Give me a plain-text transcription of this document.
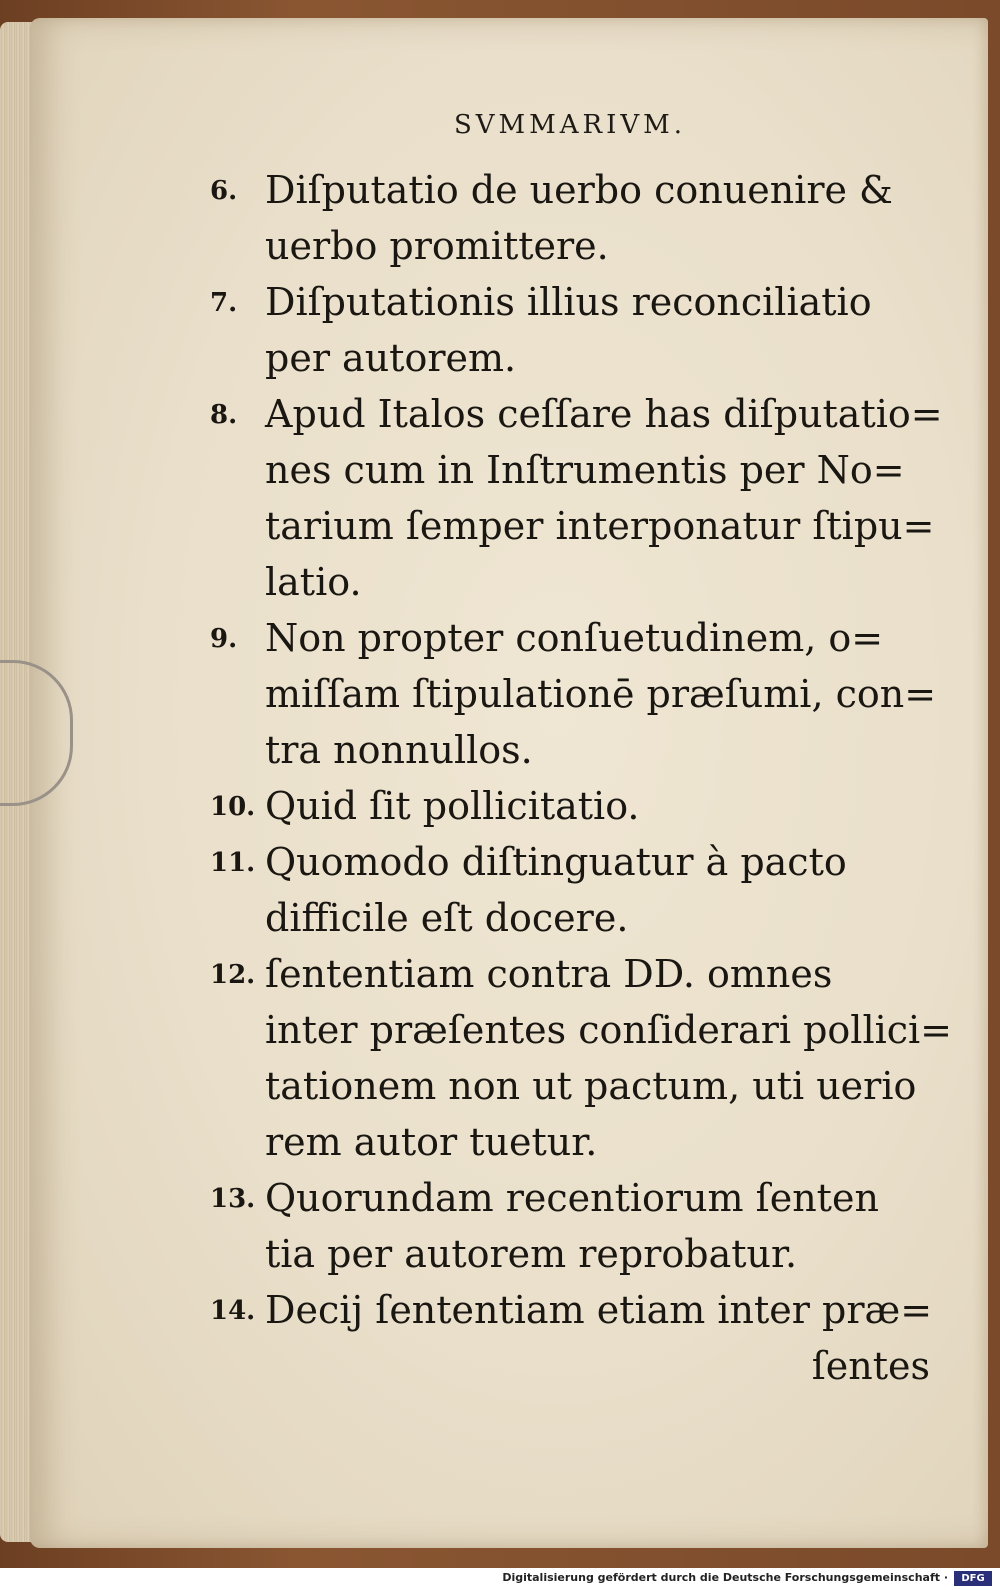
SVMMARIVM.
6. Diſputatio de uerbo conuenire &
uerbo promittere.
7. Diſputationis illius reconciliatio
per autorem.
8. Apud Italos ceſſare has diſputatio=
nes cum in Inſtrumentis per No=
tarium ſemper interponatur ſtipu=
latio.
9. Non propter conſuetudinem, o=
miſſam ſtipulationē præſumi, con=
tra nonnullos.
10. Quid ſit pollicitatio.
11. Quomodo diſtinguatur à pacto
difficile eſt docere.
12. ſententiam contra DD. omnes
inter præſentes conſiderari pollici=
tationem non ut pactum, uti uerio
rem autor tuetur.
13. Quorundam recentiorum ſenten
tia per autorem reprobatur.
14. Decij ſententiam etiam inter præ=
ſentes
Digitalisierung gefördert durch die Deutsche Forschungsgemeinschaft ·	DFG
